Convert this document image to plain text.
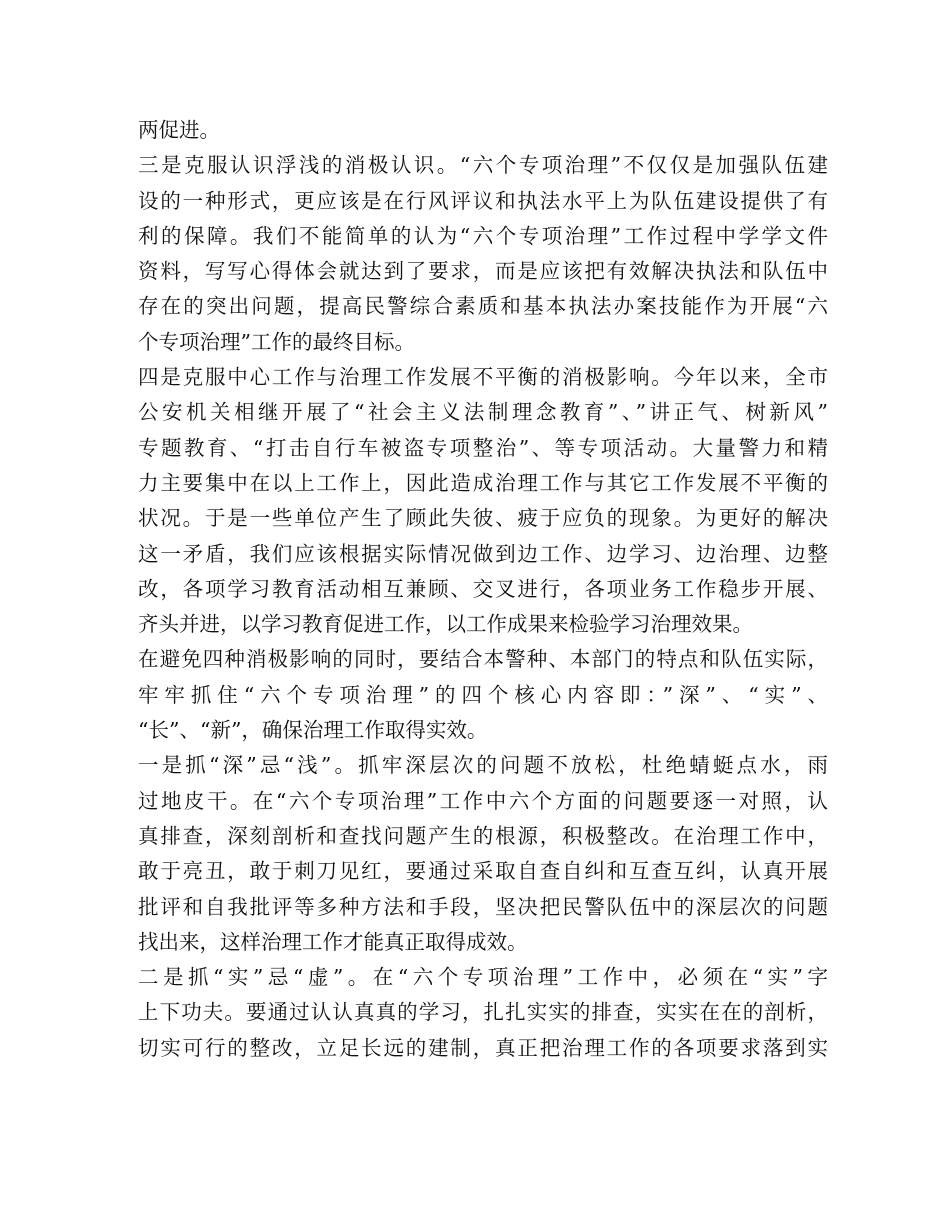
两促进。
三是克服认识浮浅的消极认识。“六个专项治理”不仅仅是加强队伍建
设的一种形式，更应该是在行风评议和执法水平上为队伍建设提供了有
利的保障。我们不能简单的认为“六个专项治理”工作过程中学学文件
资料，写写心得体会就达到了要求，而是应该把有效解决执法和队伍中
存在的突出问题，提高民警综合素质和基本执法办案技能作为开展“六
个专项治理”工作的最终目标。
四是克服中心工作与治理工作发展不平衡的消极影响。今年以来，全市
公安机关相继开展了“社会主义法制理念教育”、”讲正气、树新风”
专题教育、“打击自行车被盗专项整治”、等专项活动。大量警力和精
力主要集中在以上工作上，因此造成治理工作与其它工作发展不平衡的
状况。于是一些单位产生了顾此失彼、疲于应负的现象。为更好的解决
这一矛盾，我们应该根据实际情况做到边工作、边学习、边治理、边整
改，各项学习教育活动相互兼顾、交叉进行，各项业务工作稳步开展、
齐头并进，以学习教育促进工作，以工作成果来检验学习治理效果。
在避免四种消极影响的同时，要结合本警种、本部门的特点和队伍实际，
牢牢抓住“六个专项治理”的四个核心内容即：”深”、“实”、
“长”、“新”，确保治理工作取得实效。
一是抓“深”忌“浅”。抓牢深层次的问题不放松，杜绝蜻蜓点水，雨
过地皮干。在“六个专项治理”工作中六个方面的问题要逐一对照，认
真排查，深刻剖析和查找问题产生的根源，积极整改。在治理工作中，
敢于亮丑，敢于刺刀见红，要通过采取自查自纠和互查互纠，认真开展
批评和自我批评等多种方法和手段，坚决把民警队伍中的深层次的问题
找出来，这样治理工作才能真正取得成效。
二是抓“实”忌“虚”。在“六个专项治理”工作中，必须在“实”字
上下功夫。要通过认认真真的学习，扎扎实实的排查，实实在在的剖析，
切实可行的整改，立足长远的建制，真正把治理工作的各项要求落到实
